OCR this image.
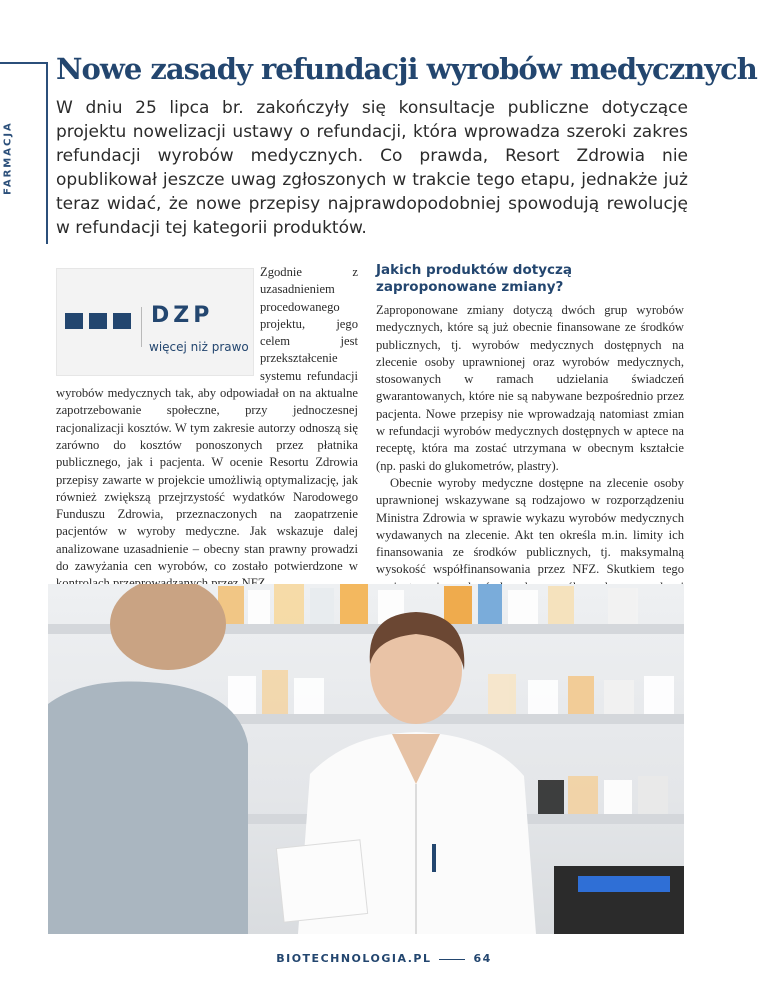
FARMACJA
Nowe zasady refundacji wyrobów medycznych

W dniu 25 lipca br. zakończyły się konsultacje publiczne dotyczące projektu nowelizacji ustawy o refundacji, która wprowadza szeroki zakres refundacji wyrobów medycznych. Co prawda, Resort Zdrowia nie opublikował jeszcze uwag zgłoszonych w trakcie tego etapu, jednakże już teraz widać, że nowe przepisy najprawdopodobniej spowodują rewolucję w refundacji tej kategorii produktów.

DZP
więcej niż prawo

Zgodnie z uzasadnieniem procedowanego projektu, jego celem jest przekształcenie systemu refundacji wyrobów medycznych tak, aby odpowiadał on na aktualne zapotrzebowanie społeczne, przy jednoczesnej racjonalizacji kosztów. W tym zakresie autorzy odnoszą się zarówno do kosztów ponoszonych przez płatnika publicznego, jak i pacjenta. W ocenie Resortu Zdrowia przepisy zawarte w projekcie umożliwią optymalizację, jak również zwiększą przejrzystość wydatków Narodowego Funduszu Zdrowia, przeznaczonych na zaopatrzenie pacjentów w wyroby medyczne. Jak wskazuje dalej analizowane uzasadnienie – obecny stan prawny prowadzi do zawyżania cen wyrobów, co zostało potwierdzone w

Jakich produktów dotyczą zaproponowane zmiany?

Zaproponowane zmiany dotyczą dwóch grup wyrobów medycznych, które są już obecnie finansowane ze środków publicznych, tj. wyrobów medycznych dostępnych na zlecenie osoby uprawnionej oraz wyrobów medycznych, stosowanych w ramach udzielania świadczeń gwarantowanych, które nie są nabywane bezpośrednio przez pacjenta. Nowe przepisy nie wprowadzają natomiast zmian w refundacji wyrobów medycznych dostępnych w aptece na receptę, która ma zostać utrzymana w obecnym kształcie (np. paski do glukometrów, plastry).

Obecnie wyroby medyczne dostępne na zlecenie osoby uprawnionej wskazywane są rodzajowo w rozporządzeniu Ministra Zdrowia w sprawie wykazu wyrobów medycznych wydawanych na zlecenie. Akt ten określa m.in. limity ich finansowania ze środków publicznych, tj. maksymalną wysokość współfinansowania przez NFZ. Skutkiem tego

BIOTECHNOLOGIA.PL	64
